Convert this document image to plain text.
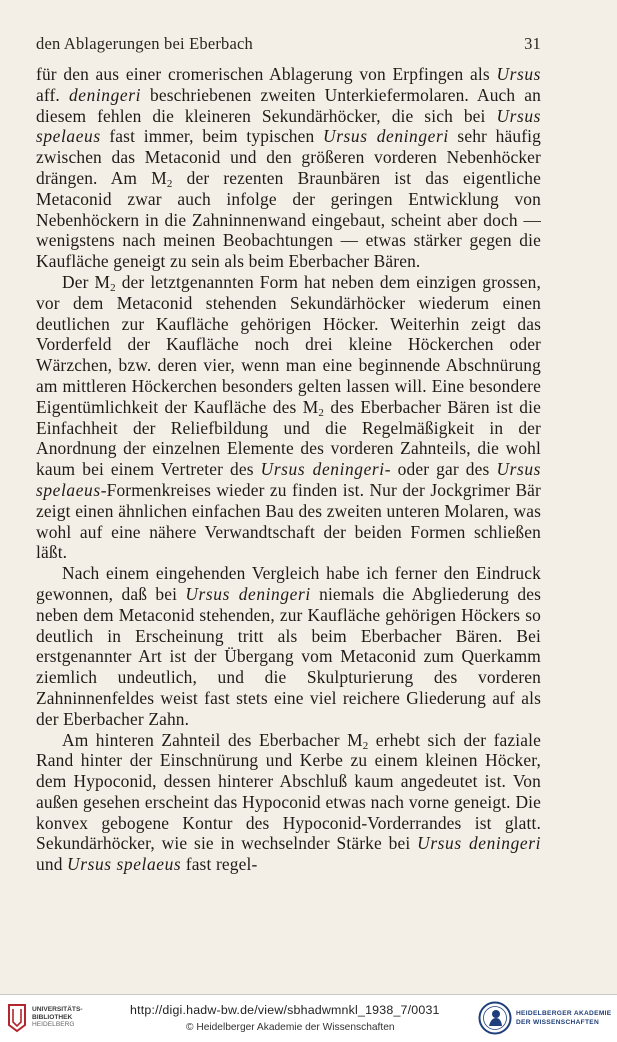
den Ablagerungen bei Eberbach	31

für den aus einer cromerischen Ablagerung von Erpfingen als Ursus aff. deningeri beschriebenen zweiten Unterkiefermolaren. Auch an diesem fehlen die kleineren Sekundärhöcker, die sich bei Ursus spelaeus fast immer, beim typischen Ursus deningeri sehr häufig zwischen das Metaconid und den größeren vorderen Nebenhöcker drängen. Am $M_2$ der rezenten Braunbären ist das eigentliche Metaconid zwar auch infolge der geringen Entwicklung von Nebenhöckern in die Zahninnenwand eingebaut, scheint aber doch — wenigstens nach meinen Beobachtungen — etwas stärker gegen die Kaufläche geneigt zu sein als beim Eberbacher Bären.

Der $M_2$ der letztgenannten Form hat neben dem einzigen grossen, vor dem Metaconid stehenden Sekundärhöcker wiederum einen deutlichen zur Kaufläche gehörigen Höcker. Weiterhin zeigt das Vorderfeld der Kaufläche noch drei kleine Höckerchen oder Wärzchen, bzw. deren vier, wenn man eine beginnende Abschnürung am mittleren Höckerchen besonders gelten lassen will. Eine besondere Eigentümlichkeit der Kaufläche des $M_2$ des Eberbacher Bären ist die Einfachheit der Reliefbildung und die Regelmäßigkeit in der Anordnung der einzelnen Elemente des vorderen Zahnteils, die wohl kaum bei einem Vertreter des Ursus deningeri- oder gar des Ursus spelaeus-Formenkreises wieder zu finden ist. Nur der Jockgrimer Bär zeigt einen ähnlichen einfachen Bau des zweiten unteren Molaren, was wohl auf eine nähere Verwandtschaft der beiden Formen schließen läßt.

Nach einem eingehenden Vergleich habe ich ferner den Eindruck gewonnen, daß bei Ursus deningeri niemals die Abgliederung des neben dem Metaconid stehenden, zur Kaufläche gehörigen Höckers so deutlich in Erscheinung tritt als beim Eberbacher Bären. Bei erstgenannter Art ist der Übergang vom Metaconid zum Querkamm ziemlich undeutlich, und die Skulpturierung des vorderen Zahninnenfeldes weist fast stets eine viel reichere Gliederung auf als der Eberbacher Zahn.

Am hinteren Zahnteil des Eberbacher $M_2$ erhebt sich der faziale Rand hinter der Einschnürung und Kerbe zu einem kleinen Höcker, dem Hypoconid, dessen hinterer Abschluß kaum angedeutet ist. Von außen gesehen erscheint das Hypoconid etwas nach vorne geneigt. Die konvex gebogene Kontur des Hypoconid-Vorderrandes ist glatt. Sekundärhöcker, wie sie in wechselnder Stärke bei Ursus deningeri und Ursus spelaeus fast regel-

UNIVERSITÄTS-
BIBLIOTHEK
HEIDELBERG
http://digi.hadw-bw.de/view/sbhadwmnkl_1938_7/0031
© Heidelberger Akademie der Wissenschaften
HEIDELBERGER AKADEMIE
DER WISSENSCHAFTEN
